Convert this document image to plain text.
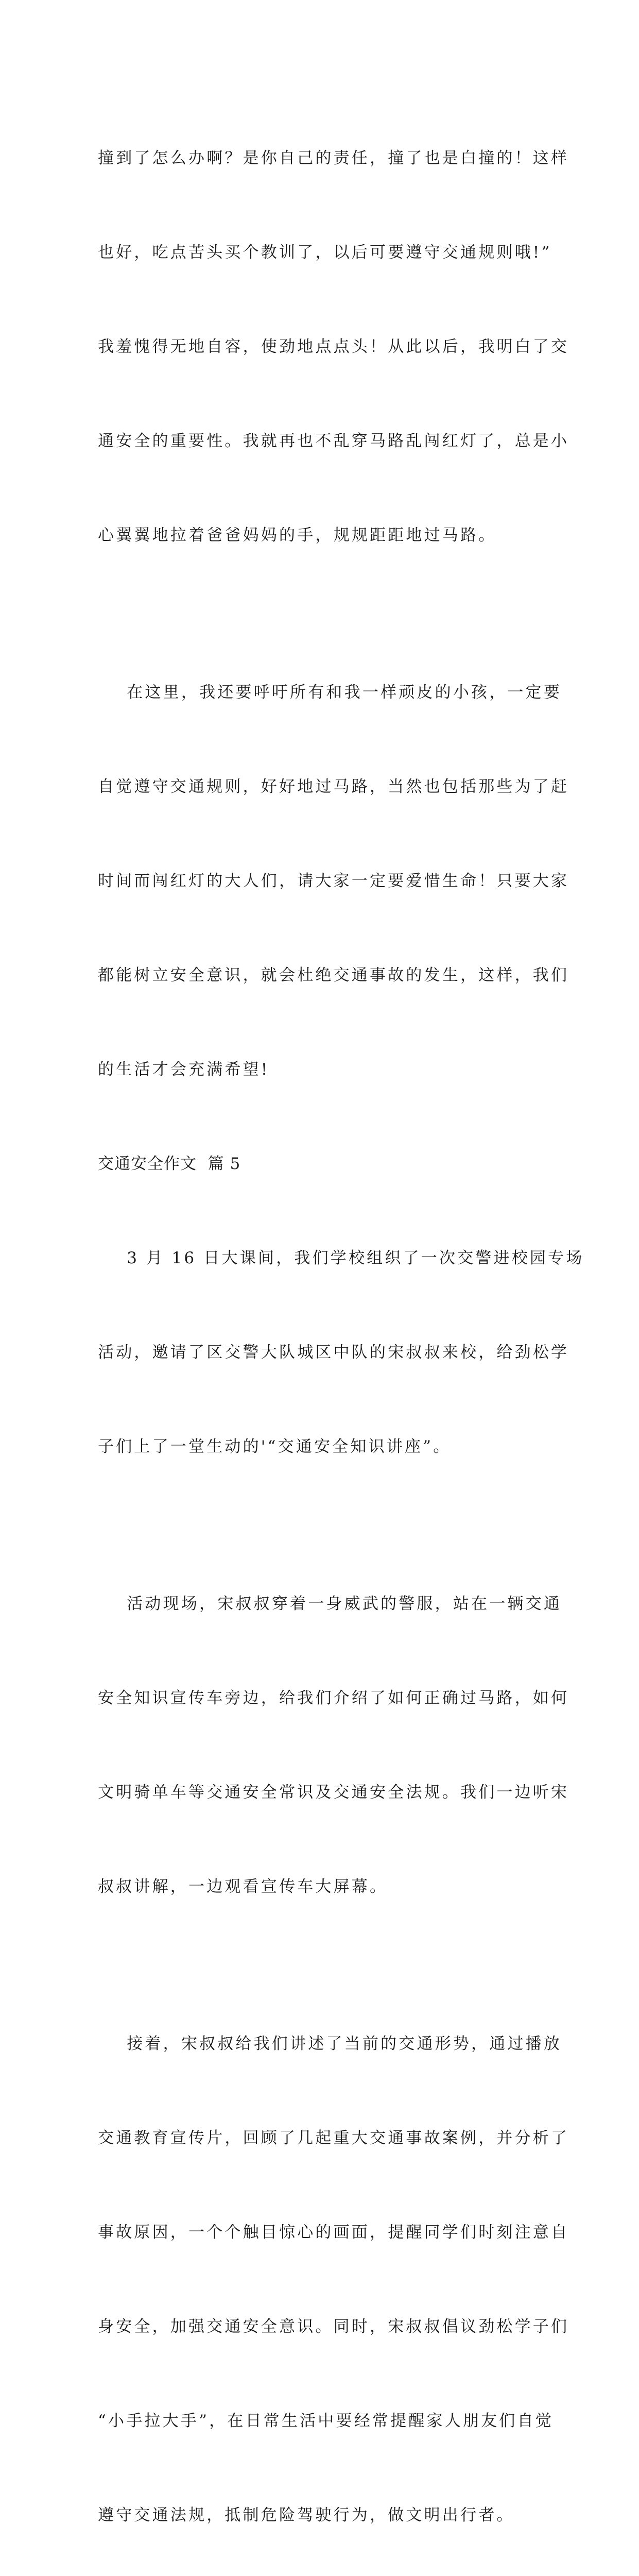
撞到了怎么办啊？是你自己的责任，撞了也是白撞的！这样

也好，吃点苦头买个教训了，以后可要遵守交通规则哦!”

我羞愧得无地自容，使劲地点点头！从此以后，我明白了交

通安全的重要性。我就再也不乱穿马路乱闯红灯了，总是小

心翼翼地拉着爸爸妈妈的手，规规距距地过马路。

在这里，我还要呼吁所有和我一样顽皮的小孩，一定要

自觉遵守交通规则，好好地过马路，当然也包括那些为了赶

时间而闯红灯的大人们，请大家一定要爱惜生命！只要大家

都能树立安全意识，就会杜绝交通事故的发生，这样，我们

的生活才会充满希望!

交通安全作文  篇 5

3 月 16 日大课间，我们学校组织了一次交警进校园专场

活动，邀请了区交警大队城区中队的宋叔叔来校，给劲松学

子们上了一堂生动的'“交通安全知识讲座”。

活动现场，宋叔叔穿着一身威武的警服，站在一辆交通

安全知识宣传车旁边，给我们介绍了如何正确过马路，如何

文明骑单车等交通安全常识及交通安全法规。我们一边听宋

叔叔讲解，一边观看宣传车大屏幕。

接着，宋叔叔给我们讲述了当前的交通形势，通过播放

交通教育宣传片，回顾了几起重大交通事故案例，并分析了

事故原因，一个个触目惊心的画面，提醒同学们时刻注意自

身安全，加强交通安全意识。同时，宋叔叔倡议劲松学子们

“小手拉大手”，在日常生活中要经常提醒家人朋友们自觉

遵守交通法规，抵制危险驾驶行为，做文明出行者。
